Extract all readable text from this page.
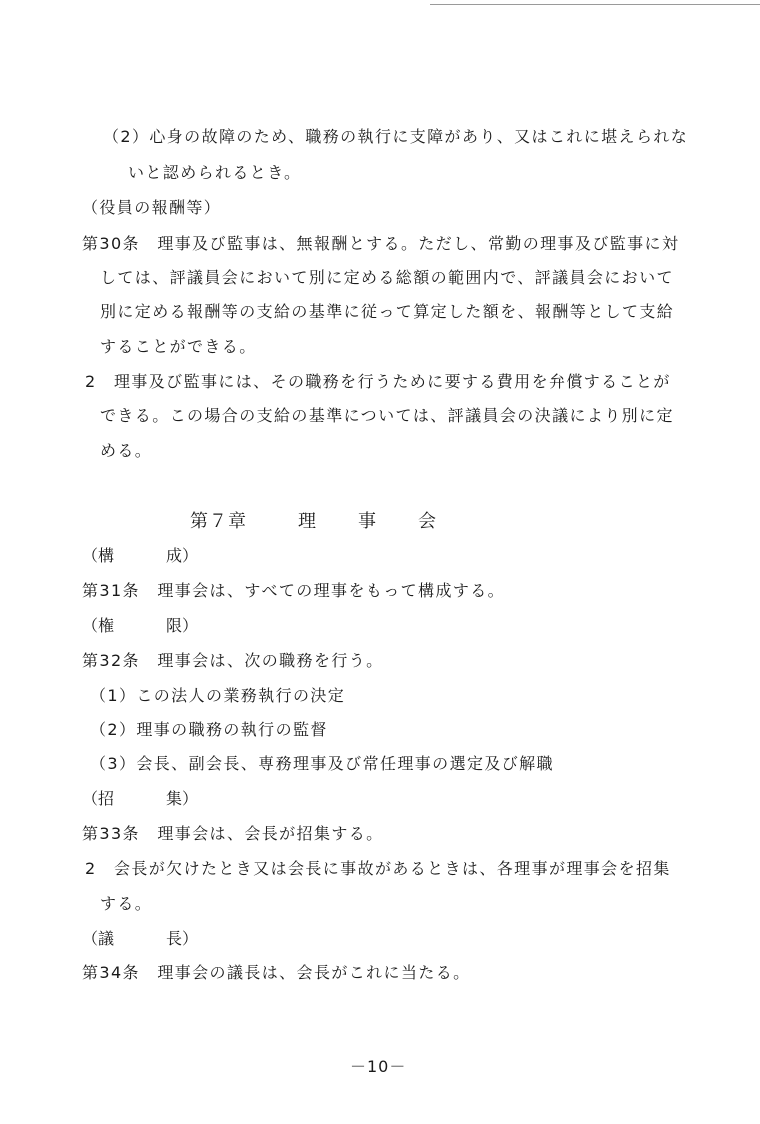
（2）心身の故障のため、職務の執行に支障があり、又はこれに堪えられな
いと認められるとき。
（役員の報酬等）
第30条　理事及び監事は、無報酬とする。ただし、常勤の理事及び監事に対
しては、評議員会において別に定める総額の範囲内で、評議員会において
別に定める報酬等の支給の基準に従って算定した額を、報酬等として支給
することができる。
2　理事及び監事には、その職務を行うために要する費用を弁償することが
できる。この場合の支給の基準については、評議員会の決議により別に定
める。
第７章	理 事 会
（ 構	成 ）
第31条　理事会は、すべての理事をもって構成する。
（ 権	限 ）
第32条　理事会は、次の職務を行う。
（1）この法人の業務執行の決定
（2）理事の職務の執行の監督
（3）会長、副会長、専務理事及び常任理事の選定及び解職
（ 招	集 ）
第33条　理事会は、会長が招集する。
2　会長が欠けたとき又は会長に事故があるときは、各理事が理事会を招集
する。
（ 議	長 ）
第34条　理事会の議長は、会長がこれに当たる。
－10－
